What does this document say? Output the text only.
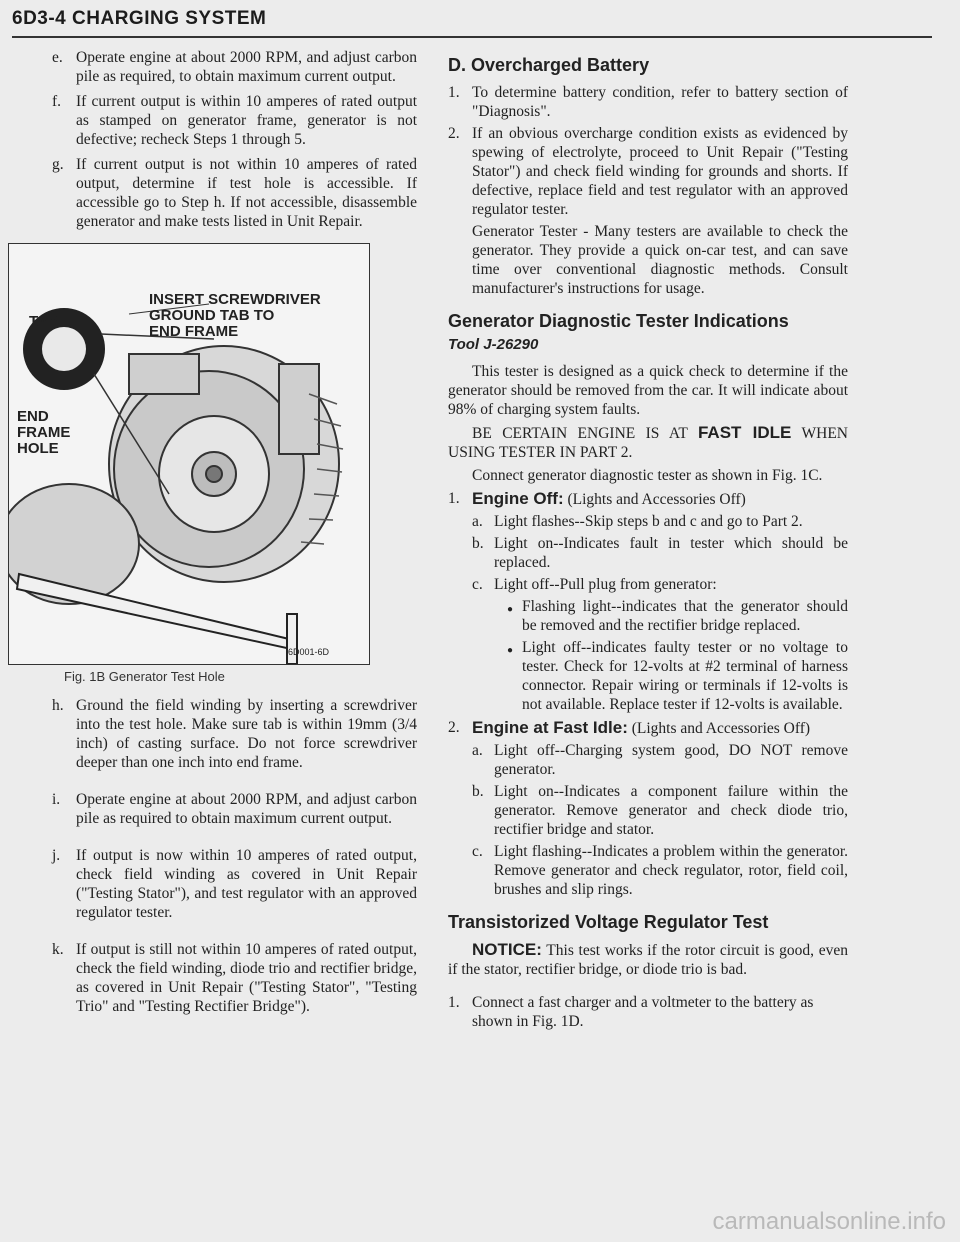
6D3-4 CHARGING SYSTEM
e. Operate engine at about 2000 RPM, and adjust carbon pile as required, to obtain maximum current output.
f. If current output is within 10 amperes of rated output as stamped on generator frame, generator is not defective; recheck Steps 1 through 5.
g. If current output is not within 10 amperes of rated output, determine if test hole is accessible. If accessible go to Step h. If not accessible, disassemble generator and make tests listed in Unit Repair.
INSERT SCREWDRIVER
GROUND TAB TO
END FRAME
TAB
END
FRAME
HOLE
6D001-6D
Fig. 1B Generator Test Hole
h. Ground the field winding by inserting a screwdriver into the test hole. Make sure tab is within 19mm (3/4 inch) of casting surface. Do not force screwdriver deeper than one inch into end frame.
i.	Operate engine at about 2000 RPM, and adjust carbon pile as required to obtain maximum current output.
j.	If output is now within 10 amperes of rated output, check field winding as covered in Unit Repair ("Testing Stator"), and test regulator with an approved regulator tester.
k. If output is still not within 10 amperes of rated output, check the field winding, diode trio and rectifier bridge, as covered in Unit Repair ("Testing Stator", "Testing Trio" and "Testing Rectifier Bridge").
D. Overcharged Battery
1. To determine battery condition, refer to battery section of "Diagnosis".
2. If an obvious overcharge condition exists as evidenced by spewing of electrolyte, proceed to Unit Repair ("Testing Stator") and check field winding for grounds and shorts. If defective, replace field and test regulator with an approved regulator tester.

Generator Tester - Many testers are available to check the generator. They provide a quick on-car test, and can save time over conventional diagnostic methods. Consult manufacturer's instructions for usage.

Generator Diagnostic Tester Indications
Tool J-26290

This tester is designed as a quick check to determine if the generator should be removed from the car. It will indicate about 98% of charging system faults.

BE CERTAIN ENGINE IS AT FAST IDLE WHEN USING TESTER IN PART 2.

Connect generator diagnostic tester as shown in Fig. 1C.

1. Engine Off: (Lights and Accessories Off)
a. Light flashes--Skip steps b and c and go to Part 2.
b. Light on--Indicates fault in tester which should be replaced.
c. Light off--Pull plug from generator:
● Flashing light--indicates that the generator should be removed and the rectifier bridge replaced.
● Light off--indicates faulty tester or no voltage to tester. Check for 12-volts at #2 terminal of harness connector. Repair wiring or terminals if 12-volts is not available. Replace tester if 12-volts is available.
2. Engine at Fast Idle: (Lights and Accessories Off)
a. Light off--Charging system good, DO NOT remove generator.
b. Light on--Indicates a component failure within the generator. Remove generator and check diode trio, rectifier bridge and stator.
c. Light flashing--Indicates a problem within the generator. Remove generator and check regulator, rotor, field coil, brushes and slip rings.
Transistorized Voltage Regulator Test

NOTICE: This test works if the rotor circuit is good, even if the stator, rectifier bridge, or diode trio is bad.

1. Connect a fast charger and a voltmeter to the battery as shown in Fig. 1D.
carmanualsonline.info
